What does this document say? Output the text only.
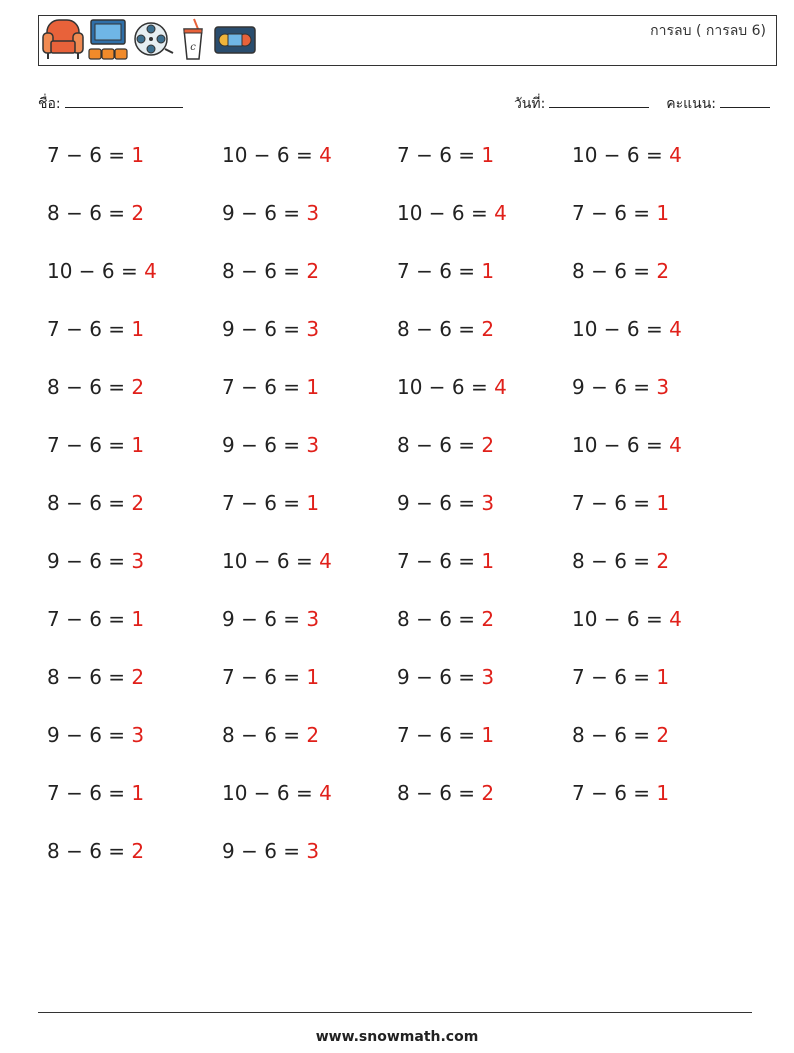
c
การลบ ( การลบ 6)
ชื่อ:	วันที่:	คะแนน:
7 − 6 = 1	10 − 6 = 4	7 − 6 = 1	10 − 6 = 4
8 − 6 = 2	9 − 6 = 3	10 − 6 = 4	7 − 6 = 1
10 − 6 = 4	8 − 6 = 2	7 − 6 = 1	8 − 6 = 2
7 − 6 = 1	9 − 6 = 3	8 − 6 = 2	10 − 6 = 4
8 − 6 = 2	7 − 6 = 1	10 − 6 = 4	9 − 6 = 3
7 − 6 = 1	9 − 6 = 3	8 − 6 = 2	10 − 6 = 4
8 − 6 = 2	7 − 6 = 1	9 − 6 = 3	7 − 6 = 1
9 − 6 = 3	10 − 6 = 4	7 − 6 = 1	8 − 6 = 2
7 − 6 = 1	9 − 6 = 3	8 − 6 = 2	10 − 6 = 4
8 − 6 = 2	7 − 6 = 1	9 − 6 = 3	7 − 6 = 1
9 − 6 = 3	8 − 6 = 2	7 − 6 = 1	8 − 6 = 2
7 − 6 = 1	10 − 6 = 4	8 − 6 = 2	7 − 6 = 1
8 − 6 = 2	9 − 6 = 3
www.snowmath.com
